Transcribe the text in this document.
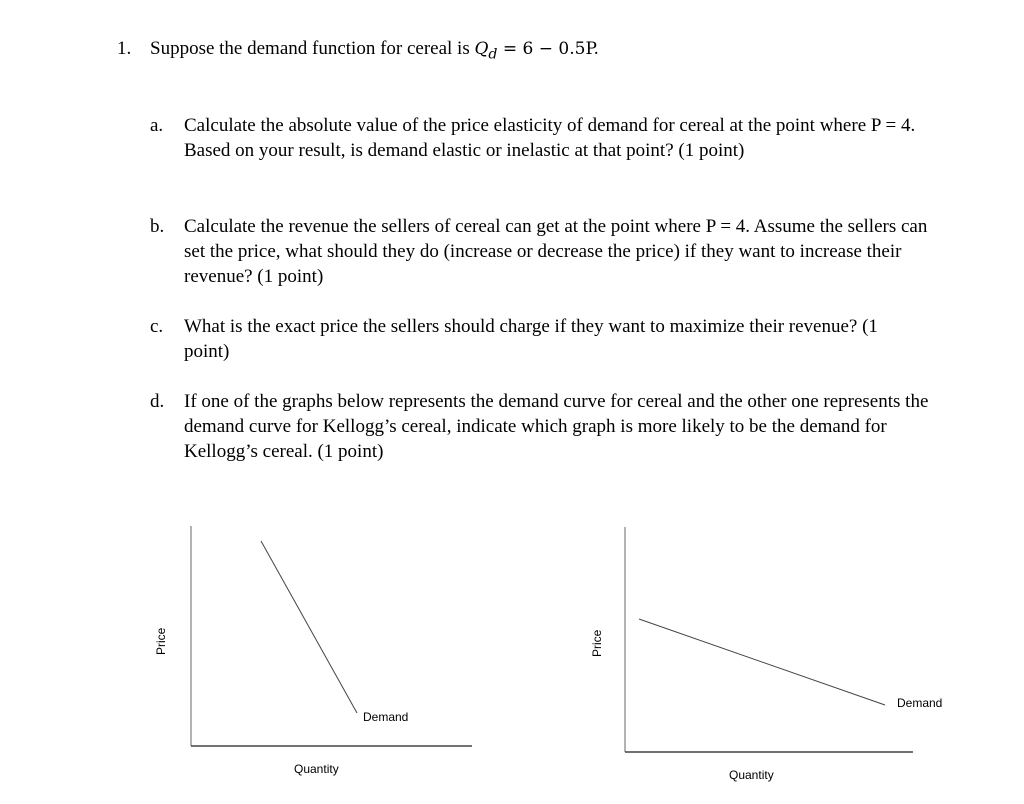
1. Suppose the demand function for cereal is $Q_d = 6 - 0.5P$.
a. Calculate the absolute value of the price elasticity of demand for cereal at the point where P = 4. Based on your result, is demand elastic or inelastic at that point? (1 point)
b. Calculate the revenue the sellers of cereal can get at the point where P = 4. Assume the sellers can set the price, what should they do (increase or decrease the price) if they want to increase their revenue? (1 point)
c. What is the exact price the sellers should charge if they want to maximize their revenue? (1 point)
d. If one of the graphs below represents the demand curve for cereal and the other one represents the demand curve for Kellogg’s cereal, indicate which graph is more likely to be the demand for Kellogg’s cereal. (1 point)
Demand
Quantity
Price
Demand
Quantity
Price
